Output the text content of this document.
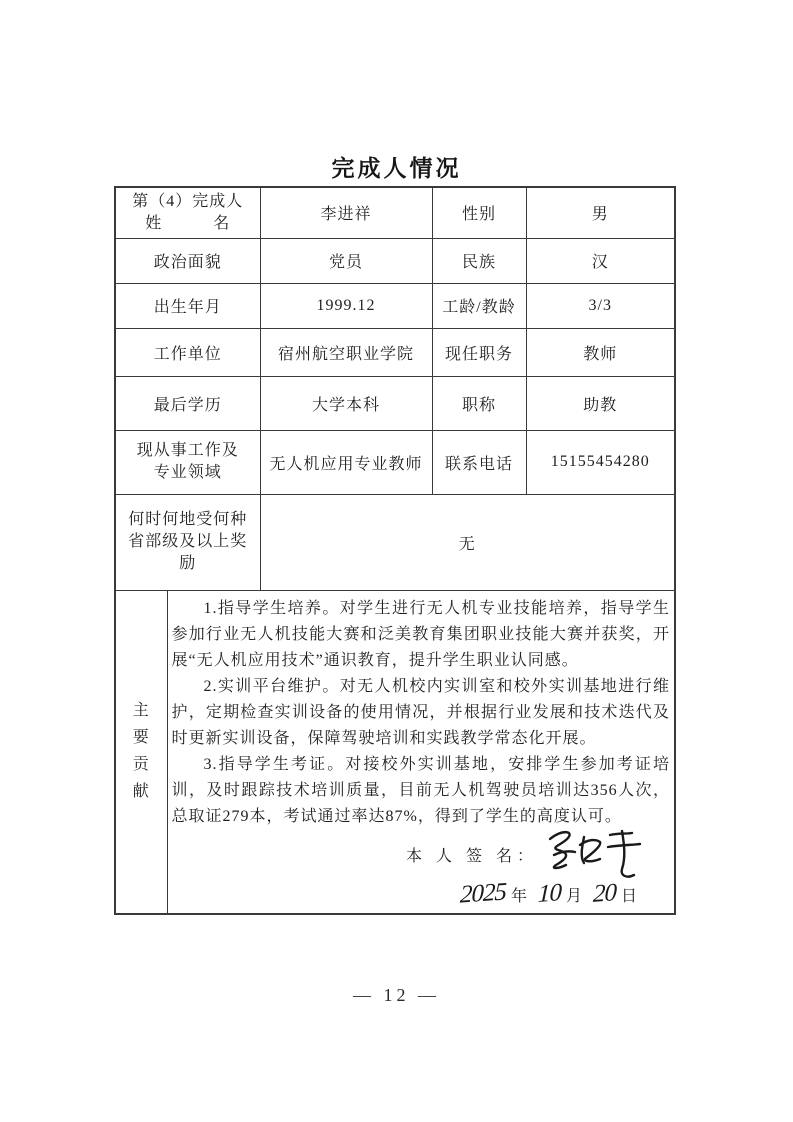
完成人情况
第（4）完成人
姓　　　名		李进祥	性别	男
政治面貌		党员	民族	汉
出生年月		1999.12	工龄/教龄	3/3
工作单位		宿州航空职业学院	现任职务	教师
最后学历		大学本科	职称	助教

现从事工作及
专业领域		无人机应用专业教师	联系电话	15155454280

何时何地受何种
省部级及以上奖励		无		

主
要
贡
献

1.指导学生培养。对学生进行无人机专业技能培养，指导学生参加行业无人机技能大赛和泛美教育集团职业技能大赛并获奖，开展“无人机应用技术”通识教育，提升学生职业认同感。

2.实训平台维护。对无人机校内实训室和校外实训基地进行维护，定期检查实训设备的使用情况，并根据行业发展和技术迭代及时更新实训设备，保障驾驶培训和实践教学常态化开展。

3.指导学生考证。对接校外实训基地，安排学生参加考证培训，及时跟踪技术培训质量，目前无人机驾驶员培训达356人次，总取证279本，考试通过率达87%，得到了学生的高度认可。

本 人 签 名：
2025 年 10 月 20 日
— 12 —
